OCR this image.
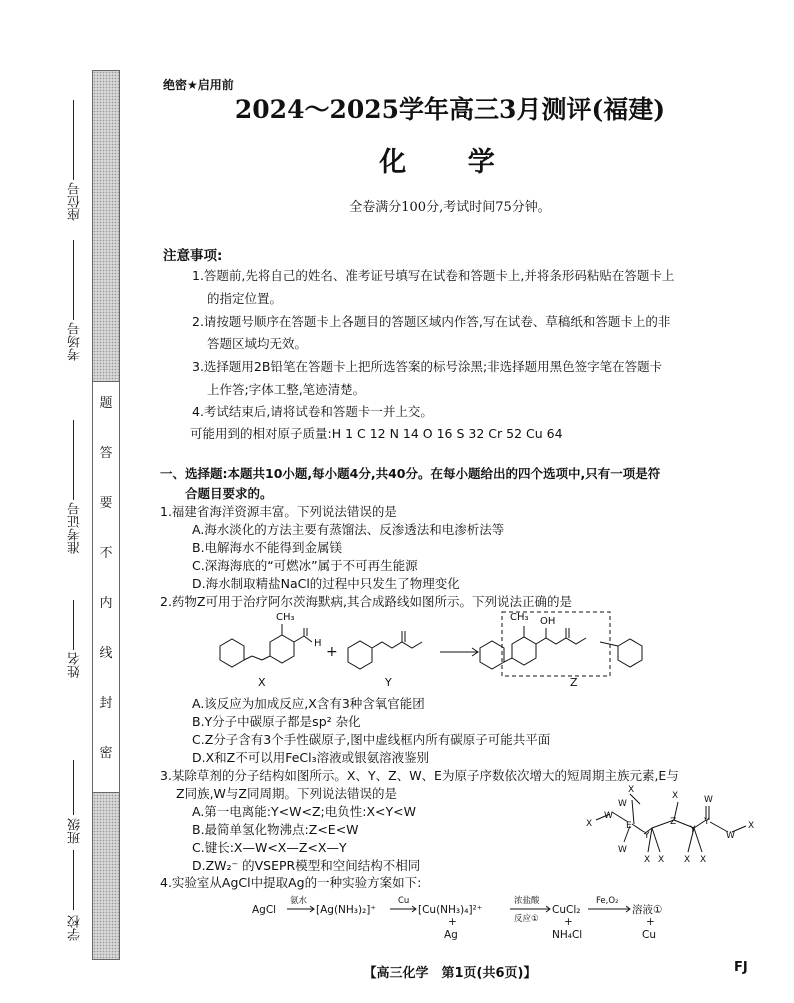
题
答
要
不
内
线
封
密
座位号
考场号
准考证号
姓名
班级
学校
绝密★启用前
2024～2025学年高三3月测评(福建)
化 学
全卷满分100分,考试时间75分钟。
注意事项:
1.答题前,先将自己的姓名、准考证号填写在试卷和答题卡上,并将条形码粘贴在答题卡上
的指定位置。
2.请按题号顺序在答题卡上各题目的答题区域内作答,写在试卷、草稿纸和答题卡上的非
答题区域均无效。
3.选择题用2B铅笔在答题卡上把所选答案的标号涂黑;非选择题用黑色签字笔在答题卡
上作答;字体工整,笔迹清楚。
4.考试结束后,请将试卷和答题卡一并上交。
可能用到的相对原子质量:H 1 C 12 N 14 O 16 S 32 Cr 52 Cu 64
一、选择题:本题共10小题,每小题4分,共40分。在每小题给出的四个选项中,只有一项是符
合题目要求的。
1.福建省海洋资源丰富。下列说法错误的是
A.海水淡化的方法主要有蒸馏法、反渗透法和电渗析法等
B.电解海水不能得到金属镁
C.深海海底的“可燃冰”属于不可再生能源
D.海水制取精盐NaCl的过程中只发生了物理变化
2.药物Z可用于治疗阿尔茨海默病,其合成路线如图所示。下列说法正确的是
CH₃
H
+
CH₃ OH
X	Y	Z
A.该反应为加成反应,X含有3种含氧官能团
B.Y分子中碳原子都是sp² 杂化
C.Z分子含有3个手性碳原子,图中虚线框内所有碳原子可能共平面
D.X和Z不可以用FeCl₃溶液或银氨溶液鉴别
3.某除草剂的分子结构如图所示。X、Y、Z、W、E为原子序数依次增大的短周期主族元素,E与
Z同族,W与Z同周期。下列说法错误的是
A.第一电离能:Y<W<Z;电负性:X<Y<W
B.最简单氢化物沸点:Z<E<W
C.键长:X—W<X—Z<X—Y
D.ZW₂⁻ 的VSEPR模型和空间结构不相同
X
W
X
W
E
W
Y
X X
X
Z
Y
X X
W
Y
W
X
4.实验室从AgCl中提取Ag的一种实验方案如下:
AgCl
氨水
[Ag(NH₃)₂]⁺
Cu
[Cu(NH₃)₄]²⁺
浓盐酸
反应①
CuCl₂
Fe,O₂
溶液①
+
Ag
+
NH₄Cl
+
Cu
【高三化学　第1页(共6页)】	FJ
